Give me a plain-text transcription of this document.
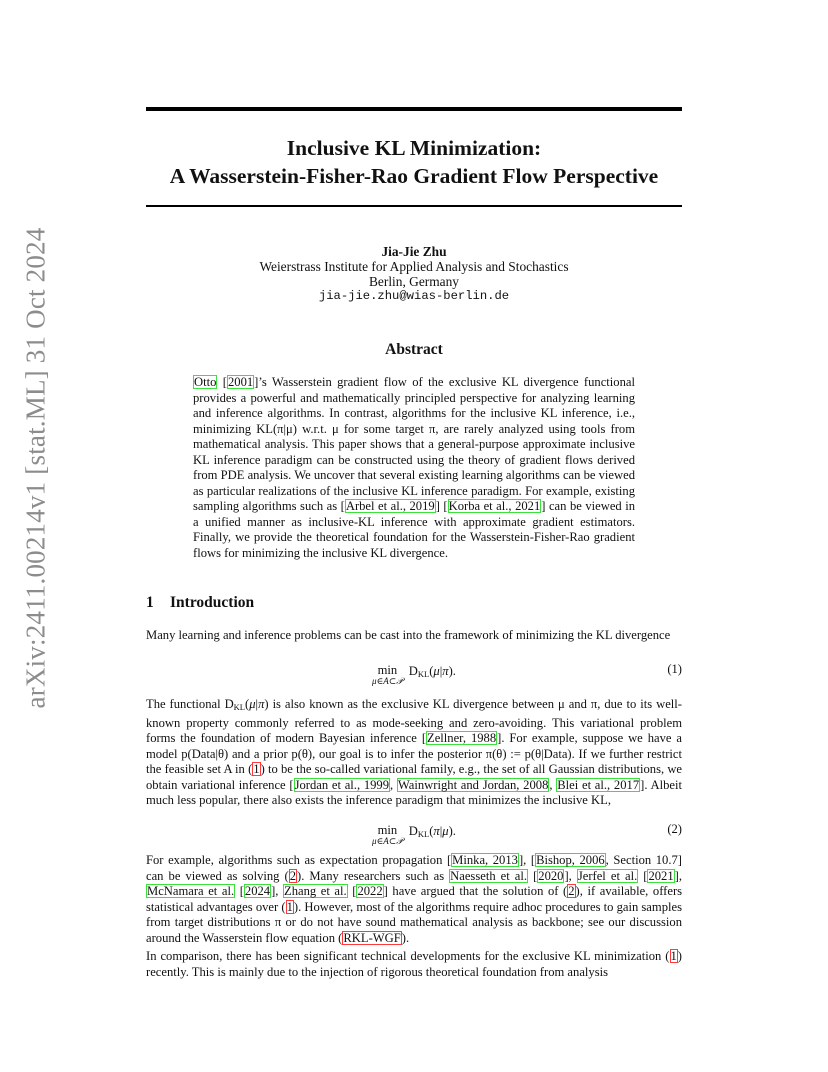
arXiv:2411.00214v1 [stat.ML] 31 Oct 2024
Inclusive KL Minimization:
A Wasserstein-Fisher-Rao Gradient Flow Perspective
Jia-Jie Zhu
Weierstrass Institute for Applied Analysis and Stochastics
Berlin, Germany
jia-jie.zhu@wias-berlin.de
Abstract
Otto [2001]’s Wasserstein gradient flow of the exclusive KL divergence functional provides a powerful and mathematically principled perspective for analyzing learning and inference algorithms. In contrast, algorithms for the inclusive KL inference, i.e., minimizing KL(π|μ) w.r.t. μ for some target π, are rarely analyzed using tools from mathematical analysis. This paper shows that a general-purpose approximate inclusive KL inference paradigm can be constructed using the theory of gradient flows derived from PDE analysis. We uncover that several existing learning algorithms can be viewed as particular realizations of the inclusive KL inference paradigm. For example, existing sampling algorithms such as [Arbel et al., 2019] [Korba et al., 2021] can be viewed in a unified manner as inclusive-KL inference with approximate gradient estimators. Finally, we provide the theoretical foundation for the Wasserstein-Fisher-Rao gradient flows for minimizing the inclusive KL divergence.
1 Introduction
Many learning and inference problems can be cast into the framework of minimizing the KL divergence
min
μ∈A⊂𝒫
$D_{KL}(\mu|\pi)$.	(1)
The functional $D_{KL}(\mu|\pi)$ is also known as the exclusive KL divergence between μ and π, due to its well-known property commonly referred to as mode-seeking and zero-avoiding. This variational problem forms the foundation of modern Bayesian inference [Zellner, 1988]. For example, suppose we have a model p(Data|θ) and a prior p(θ), our goal is to infer the posterior π(θ) := p(θ|Data). If we further restrict the feasible set A in (1) to be the so-called variational family, e.g., the set of all Gaussian distributions, we obtain variational inference [Jordan et al., 1999, Wainwright and Jordan, 2008, Blei et al., 2017]. Albeit much less popular, there also exists the inference paradigm that minimizes the inclusive KL,
min
μ∈A⊂𝒫
$D_{KL}(\pi|\mu)$.	(2)
For example, algorithms such as expectation propagation [Minka, 2013], [Bishop, 2006, Section 10.7] can be viewed as solving (2). Many researchers such as Naesseth et al. [2020], Jerfel et al. [2021], McNamara et al. [2024], Zhang et al. [2022] have argued that the solution of (2), if available, offers statistical advantages over (1). However, most of the algorithms require adhoc procedures to gain samples from target distributions π or do not have sound mathematical analysis as backbone; see our discussion around the Wasserstein flow equation (RKL-WGF).
In comparison, there has been significant technical developments for the exclusive KL minimization (1) recently. This is mainly due to the injection of rigorous theoretical foundation from analysis
